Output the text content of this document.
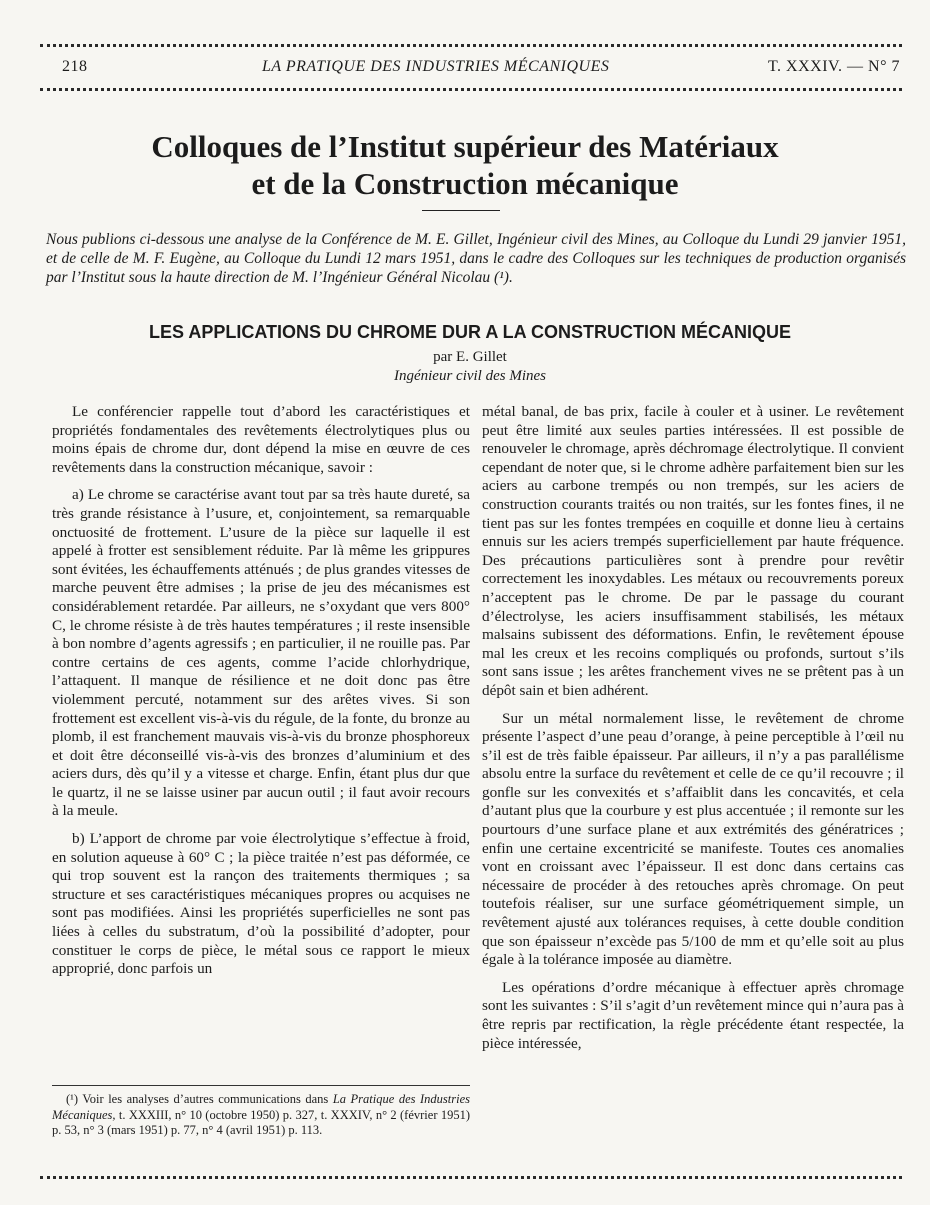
218	LA PRATIQUE DES INDUSTRIES MÉCANIQUES	T. XXXIV. — N° 7
Colloques de l’Institut supérieur des Matériaux
et de la Construction mécanique
Nous publions ci-dessous une analyse de la Conférence de M. E. Gillet, Ingénieur civil des Mines, au Colloque du Lundi 29 janvier 1951, et de celle de M. F. Eugène, au Colloque du Lundi 12 mars 1951, dans le cadre des Colloques sur les techniques de production organisés par l’Institut sous la haute direction de M. l’Ingénieur Général Nicolau (¹).
LES APPLICATIONS DU CHROME DUR A LA CONSTRUCTION MÉCANIQUE
par E. Gillet
Ingénieur civil des Mines

Le conférencier rappelle tout d’abord les caractéristiques et propriétés fondamentales des revêtements électrolytiques plus ou moins épais de chrome dur, dont dépend la mise en œuvre de ces revêtements dans la construction mécanique, savoir :

a) Le chrome se caractérise avant tout par sa très haute dureté, sa très grande résistance à l’usure, et, conjointement, sa remarquable onctuosité de frottement. L’usure de la pièce sur laquelle il est appelé à frotter est sensiblement réduite. Par là même les grippures sont évitées, les échauffements atténués ; de plus grandes vitesses de marche peuvent être admises ; la prise de jeu des mécanismes est considérablement retardée. Par ailleurs, ne s’oxydant que vers 800° C, le chrome résiste à de très hautes températures ; il reste insensible à bon nombre d’agents agressifs ; en particulier, il ne rouille pas. Par contre certains de ces agents, comme l’acide chlorhydrique, l’attaquent. Il manque de résilience et ne doit donc pas être violemment percuté, notamment sur des arêtes vives. Si son frottement est excellent vis-à-vis du régule, de la fonte, du bronze au plomb, il est franchement mauvais vis-à-vis du bronze phosphoreux et doit être déconseillé vis-à-vis des bronzes d’aluminium et des aciers durs, dès qu’il y a vitesse et charge. Enfin, étant plus dur que le quartz, il ne se laisse usiner par aucun outil ; il faut avoir recours à la meule.

b) L’apport de chrome par voie électrolytique s’effectue à froid, en solution aqueuse à 60° C ; la pièce traitée n’est pas déformée, ce qui trop souvent est la rançon des traitements thermiques ; sa structure et ses caractéristiques mécaniques propres ou acquises ne sont pas modifiées. Ainsi les propriétés superficielles ne sont pas liées à celles du substratum, d’où la possibilité d’adopter, pour constituer le corps de pièce, le métal sous ce rapport le mieux approprié, donc parfois un

métal banal, de bas prix, facile à couler et à usiner. Le revêtement peut être limité aux seules parties intéressées. Il est possible de renouveler le chromage, après déchromage électrolytique. Il convient cependant de noter que, si le chrome adhère parfaitement bien sur les aciers au carbone trempés ou non trempés, sur les aciers de construction courants traités ou non traités, sur les fontes fines, il ne tient pas sur les fontes trempées en coquille et donne lieu à certains ennuis sur les aciers trempés superficiellement par haute fréquence. Des précautions particulières sont à prendre pour revêtir correctement les inoxydables. Les métaux ou recouvrements poreux n’acceptent pas le chrome. De par le passage du courant d’électrolyse, les aciers insuffisamment stabilisés, les métaux malsains subissent des déformations. Enfin, le revêtement épouse mal les creux et les recoins compliqués ou profonds, surtout s’ils sont sans issue ; les arêtes franchement vives ne se prêtent pas à un dépôt sain et bien adhérent.

Sur un métal normalement lisse, le revêtement de chrome présente l’aspect d’une peau d’orange, à peine perceptible à l’œil nu s’il est de très faible épaisseur. Par ailleurs, il n’y a pas parallélisme absolu entre la surface du revêtement et celle de ce qu’il recouvre ; il gonfle sur les convexités et s’affaiblit dans les concavités, et cela d’autant plus que la courbure y est plus accentuée ; il remonte sur les pourtours d’une surface plane et aux extrémités des génératrices ; enfin une certaine excentricité se manifeste. Toutes ces anomalies vont en croissant avec l’épaisseur. Il est donc dans certains cas nécessaire de procéder à des retouches après chromage. On peut toutefois réaliser, sur une surface géométriquement simple, un revêtement ajusté aux tolérances requises, à cette double condition que son épaisseur n’excède pas 5/100 de mm et qu’elle soit au plus égale à la tolérance imposée au diamètre.

Les opérations d’ordre mécanique à effectuer après chromage sont les suivantes : S’il s’agit d’un revêtement mince qui n’aura pas à être repris par rectification, la règle précédente étant respectée, la pièce intéressée,

(¹) Voir les analyses d’autres communications dans La Pratique des Industries Mécaniques, t. XXXIII, n° 10 (octobre 1950) p. 327, t. XXXIV, n° 2 (février 1951) p. 53, n° 3 (mars 1951) p. 77, n° 4 (avril 1951) p. 113.
